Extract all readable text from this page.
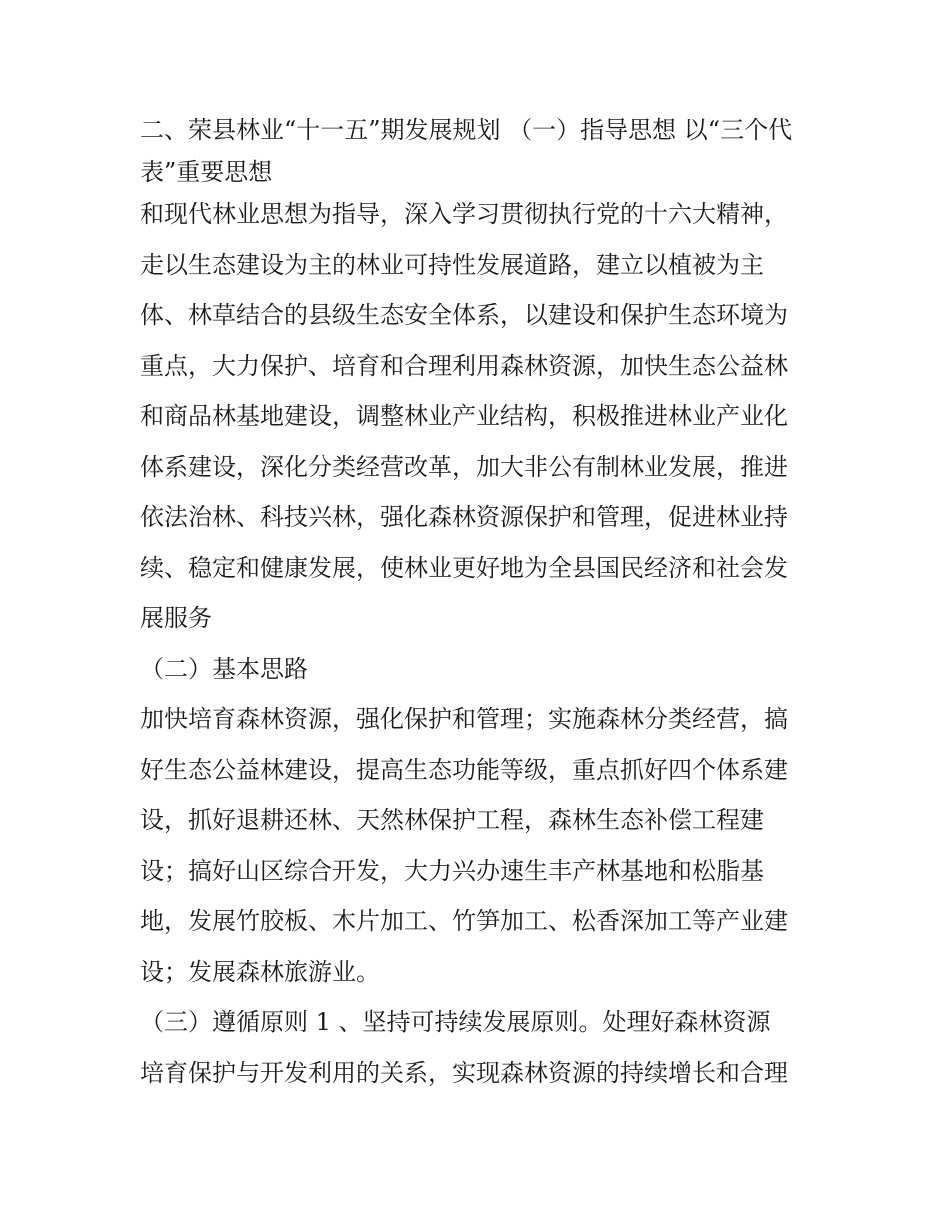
二、荣县林业“十一五”期发展规划 （一）指导思想 以“三个代
表”重要思想
和现代林业思想为指导，深入学习贯彻执行党的十六大精神，
走以生态建设为主的林业可持性发展道路，建立以植被为主
体、林草结合的县级生态安全体系，以建设和保护生态环境为
重点，大力保护、培育和合理利用森林资源，加快生态公益林
和商品林基地建设，调整林业产业结构，积极推进林业产业化
体系建设，深化分类经营改革，加大非公有制林业发展，推进
依法治林、科技兴林，强化森林资源保护和管理，促进林业持
续、稳定和健康发展，使林业更好地为全县国民经济和社会发
展服务
（二）基本思路
加快培育森林资源，强化保护和管理；实施森林分类经营，搞
好生态公益林建设，提高生态功能等级，重点抓好四个体系建
设，抓好退耕还林、天然林保护工程，森林生态补偿工程建
设；搞好山区综合开发，大力兴办速生丰产林基地和松脂基
地，发展竹胶板、木片加工、竹笋加工、松香深加工等产业建
设；发展森林旅游业。
（三）遵循原则 1 、坚持可持续发展原则。处理好森林资源
培育保护与开发利用的关系，实现森林资源的持续增长和合理
